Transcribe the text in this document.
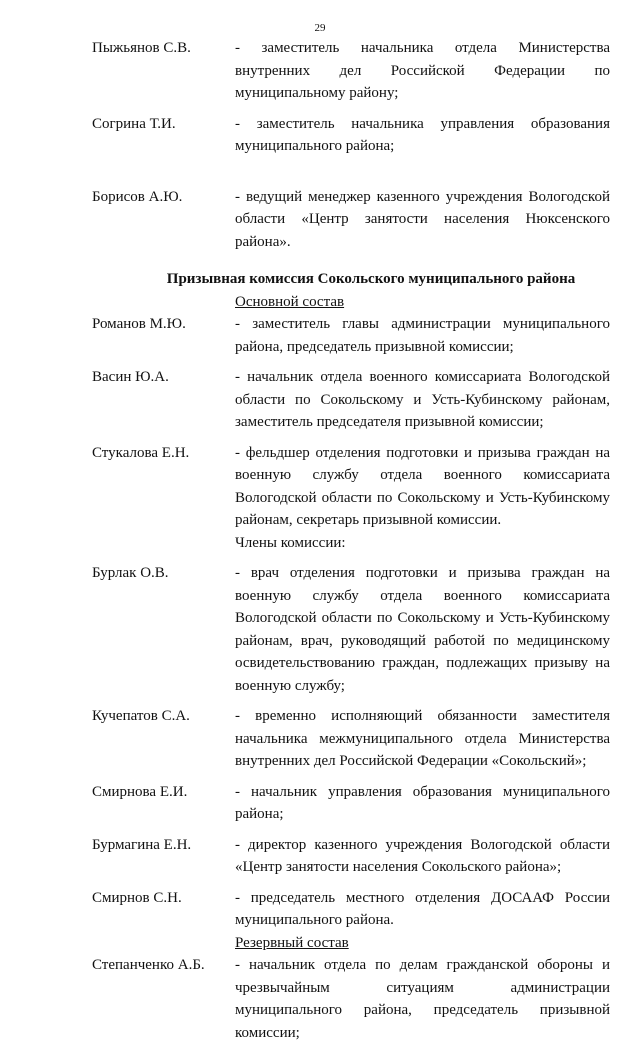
29
Пыжьянов С.В.	- заместитель начальника отдела Министерства внутренних дел Российской Федерации по муниципальному району;
Согрина Т.И.	- заместитель начальника управления образования муниципального района;
Борисов А.Ю.	- ведущий менеджер казенного учреждения Вологодской области «Центр занятости населения Нюксенского района».
Призывная комиссия Сокольского муниципального района
Основной состав
Романов М.Ю.	- заместитель главы администрации муниципального района, председатель призывной комиссии;
Васин Ю.А.	- начальник отдела военного комиссариата Вологодской области по Сокольскому и Усть-Кубинскому районам, заместитель председателя призывной комиссии;
Стукалова Е.Н.	- фельдшер отделения подготовки и призыва граждан на военную службу отдела военного комиссариата Вологодской области по Сокольскому и Усть-Кубинскому районам, секретарь призывной комиссии.
Члены комиссии:
Бурлак О.В.	- врач отделения подготовки и призыва граждан на военную службу отдела военного комиссариата Вологодской области по Сокольскому и Усть-Кубинскому районам, врач, руководящий работой по медицинскому освидетельствованию граждан, подлежащих призыву на военную службу;
Кучепатов С.А.	- временно исполняющий обязанности заместителя начальника межмуниципального отдела Министерства внутренних дел Российской Федерации «Сокольский»;
Смирнова Е.И.	- начальник управления образования муниципального района;
Бурмагина Е.Н.	- директор казенного учреждения Вологодской области «Центр занятости населения Сокольского района»;
Смирнов С.Н.	- председатель местного отделения ДОСААФ России муниципального района.
Резервный состав
Степанченко А.Б.	- начальник отдела по делам гражданской обороны и чрезвычайным ситуациям администрации муниципального района, председатель призывной комиссии;
